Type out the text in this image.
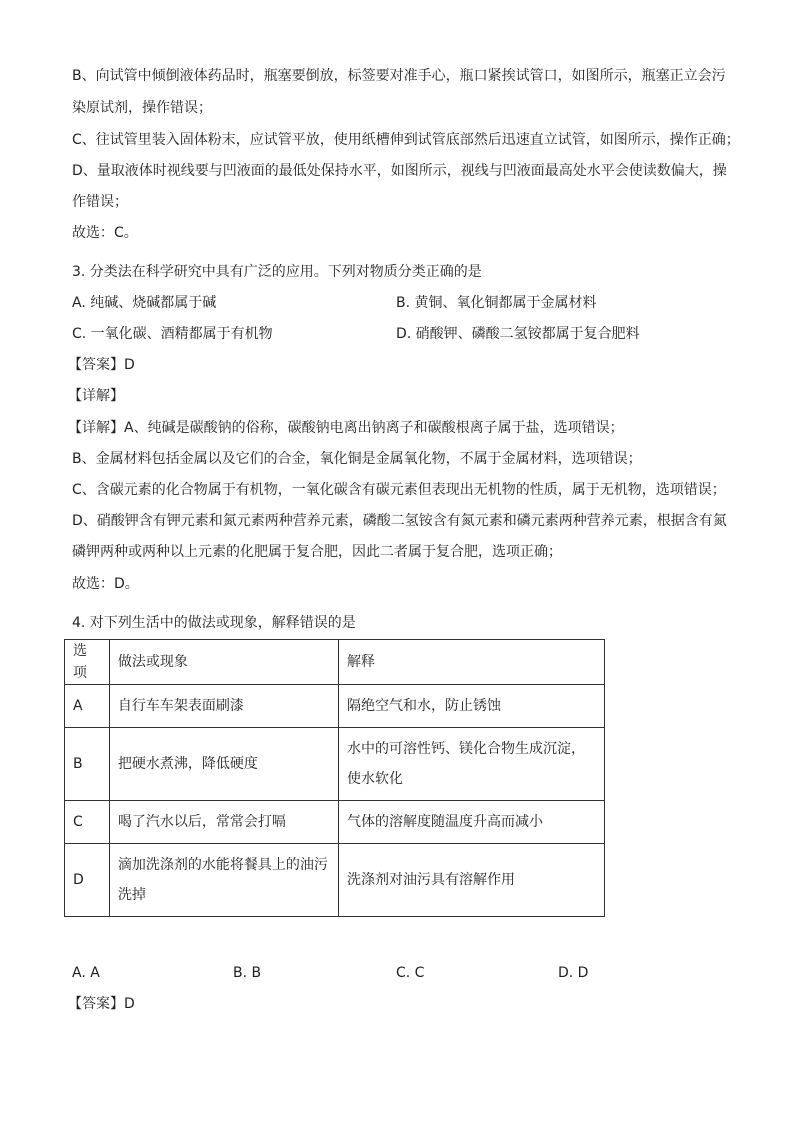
B、向试管中倾倒液体药品时，瓶塞要倒放，标签要对准手心，瓶口紧挨试管口，如图所示，瓶塞正立会污
染原试剂，操作错误；
C、往试管里装入固体粉末，应试管平放，使用纸槽伸到试管底部然后迅速直立试管，如图所示，操作正确；
D、量取液体时视线要与凹液面的最低处保持水平，如图所示，视线与凹液面最高处水平会使读数偏大，操
作错误；
故选：C。
3. 分类法在科学研究中具有广泛的应用。下列对物质分类正确的是
A. 纯碱、烧碱都属于碱	B. 黄铜、氧化铜都属于金属材料
C. 一氧化碳、酒精都属于有机物	D. 硝酸钾、磷酸二氢铵都属于复合肥料
【答案】D
【详解】
【详解】A、纯碱是碳酸钠的俗称，碳酸钠电离出钠离子和碳酸根离子属于盐，选项错误；
B、金属材料包括金属以及它们的合金，氧化铜是金属氧化物，不属于金属材料，选项错误；
C、含碳元素的化合物属于有机物，一氧化碳含有碳元素但表现出无机物的性质，属于无机物，选项错误；
D、硝酸钾含有钾元素和氮元素两种营养元素，磷酸二氢铵含有氮元素和磷元素两种营养元素，根据含有氮
磷钾两种或两种以上元素的化肥属于复合肥，因此二者属于复合肥，选项正确；
故选：D。
4. 对下列生活中的做法或现象，解释错误的是
选项	做法或现象	解释
A	自行车车架表面刷漆	隔绝空气和水，防止锈蚀
B	把硬水煮沸，降低硬度	水中的可溶性钙、镁化合物生成沉淀，使水软化
C	喝了汽水以后，常常会打嗝	气体的溶解度随温度升高而减小
D	滴加洗涤剂的水能将餐具上的油污洗掉	洗涤剂对油污具有溶解作用
A. A	B. B	C. C	D. D
【答案】D
